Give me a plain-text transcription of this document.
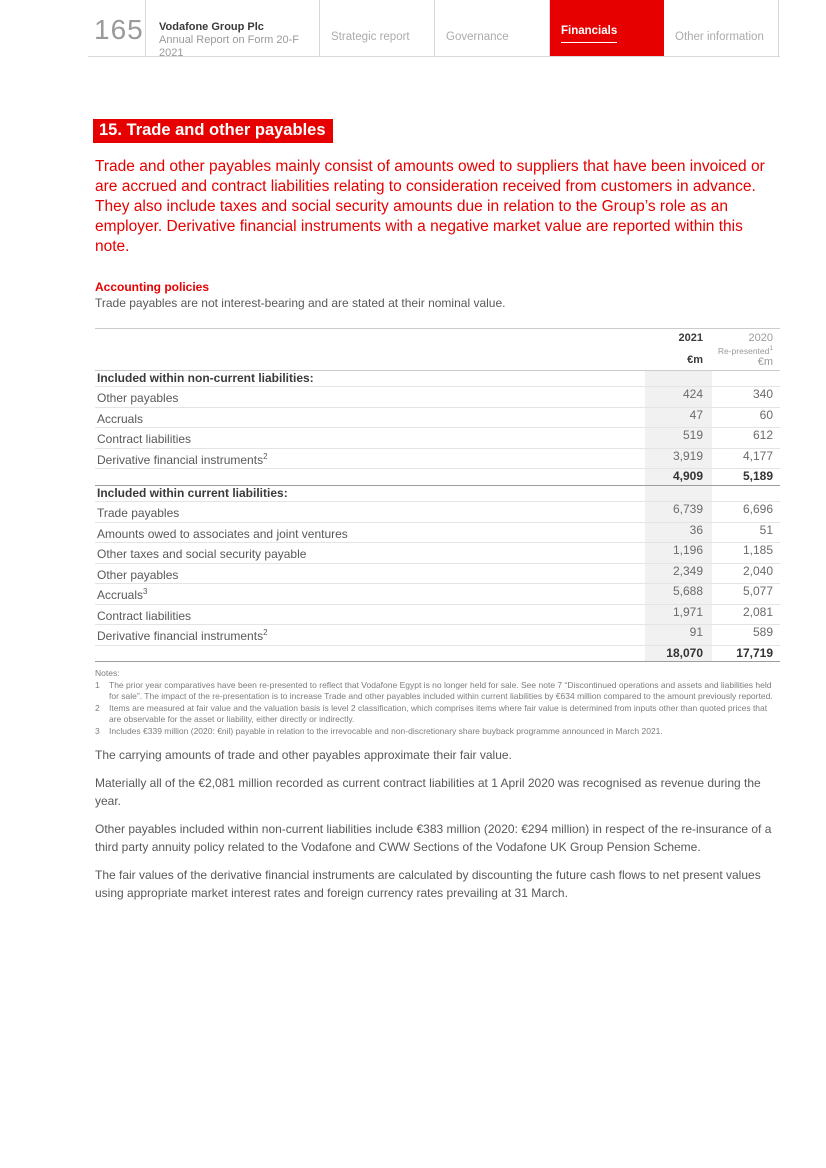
165 Vodafone Group Plc
Annual Report on Form 20-F 2021
Strategic report	Governance	Financials	Other information
15. Trade and other payables

Trade and other payables mainly consist of amounts owed to suppliers that have been invoiced or are accrued and contract liabilities relating to consideration received from customers in advance. They also include taxes and social security amounts due in relation to the Group’s role as an employer. Derivative financial instruments with a negative market value are reported within this note.

Accounting policies

Trade payables are not interest-bearing and are stated at their nominal value.

2021

€m
2020
Re-presented$^1$
€m
Included within non-current liabilities:
Other payables	424	340
Accruals	47	60
Contract liabilities	519	612
Derivative financial instruments$^2$	3,919	4,177
4,909	5,189
Included within current liabilities:
Trade payables	6,739	6,696
Amounts owed to associates and joint ventures	36	51
Other taxes and social security payable	1,196	1,185
Other payables	2,349	2,040
Accruals$^3$	5,688	5,077
Contract liabilities	1,971	2,081
Derivative financial instruments$^2$	91	589
18,070	17,719
Notes:
1	The prior year comparatives have been re-presented to reflect that Vodafone Egypt is no longer held for sale. See note 7 “Discontinued operations and assets and liabilities held for sale”. The impact of the re-presentation is to increase Trade and other payables included within current liabilities by €634 million compared to the amount previously reported.
2	Items are measured at fair value and the valuation basis is level 2 classification, which comprises items where fair value is determined from inputs other than quoted prices that are observable for the asset or liability, either directly or indirectly.
3	Includes €339 million (2020: €nil) payable in relation to the irrevocable and non-discretionary share buyback programme announced in March 2021.

The carrying amounts of trade and other payables approximate their fair value.

Materially all of the €2,081 million recorded as current contract liabilities at 1 April 2020 was recognised as revenue during the year.

Other payables included within non-current liabilities include €383 million (2020: €294 million) in respect of the re-insurance of a third party annuity policy related to the Vodafone and CWW Sections of the Vodafone UK Group Pension Scheme.

The fair values of the derivative financial instruments are calculated by discounting the future cash flows to net present values using appropriate market interest rates and foreign currency rates prevailing at 31 March.
